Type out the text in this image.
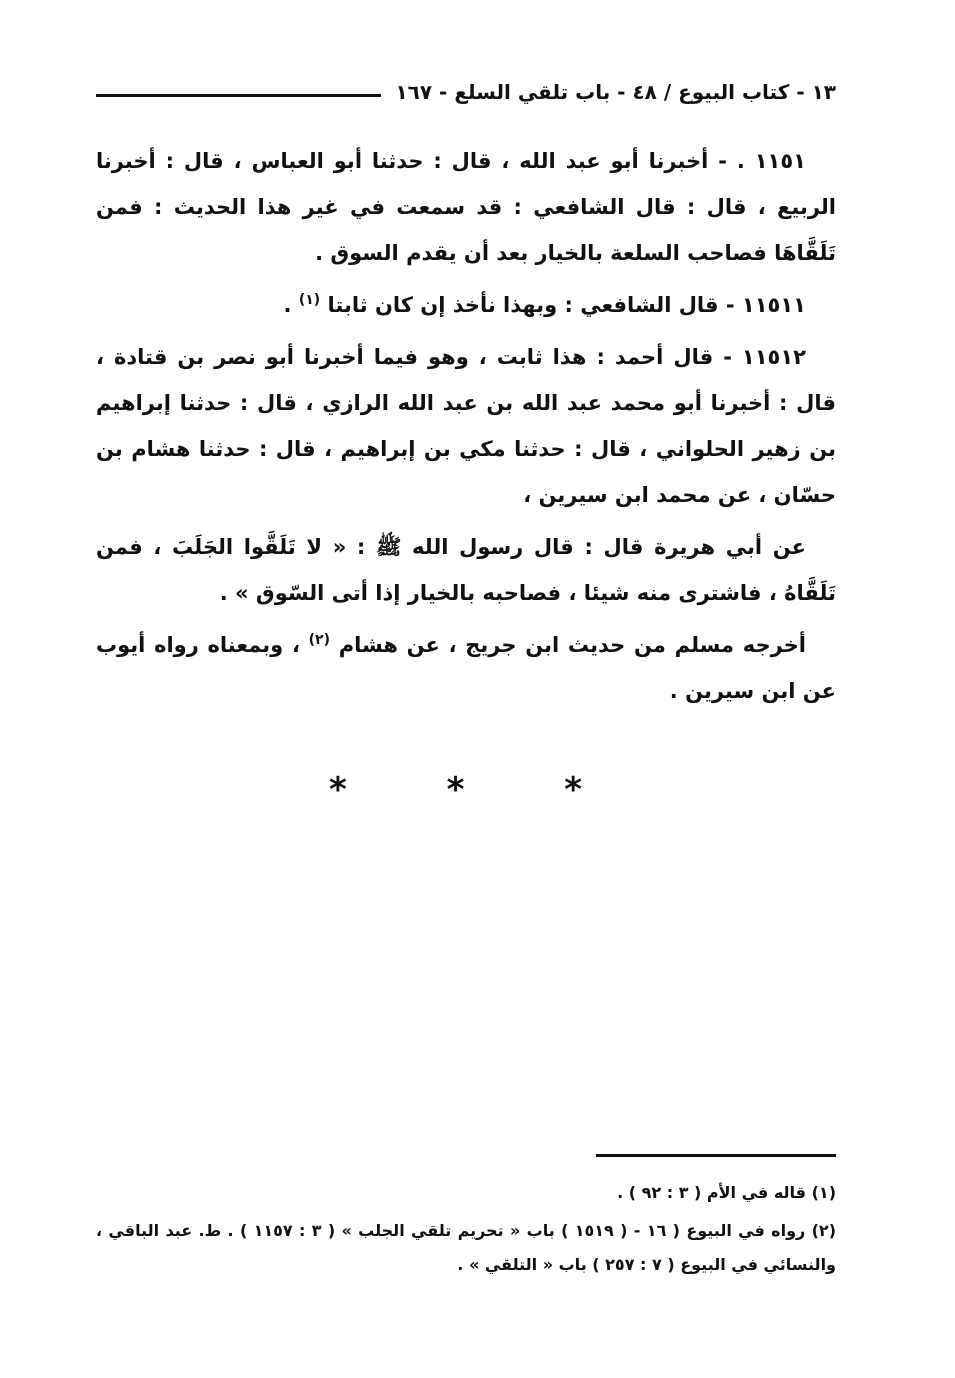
١٣ - كتاب البيوع / ٤٨ - باب تلقي السلع - ١٦٧

١١٥١ . - أخبرنا أبو عبد الله ، قال : حدثنا أبو العباس ، قال : أخبرنا الربيع ، قال : قال الشافعي : قد سمعت في غير هذا الحديث : فمن تَلَقَّاهَا فصاحب السلعة بالخيار بعد أن يقدم السوق .

١١٥١١ - قال الشافعي : وبهذا نأخذ إن كان ثابتا $^{(١)}$ .

١١٥١٢ - قال أحمد : هذا ثابت ، وهو فيما أخبرنا أبو نصر بن قتادة ، قال : أخبرنا أبو محمد عبد الله بن عبد الله الرازي ، قال : حدثنا إبراهيم بن زهير الحلواني ، قال : حدثنا مكي بن إبراهيم ، قال : حدثنا هشام بن حسّان ، عن محمد ابن سيرين ،

عن أبي هريرة قال : قال رسول الله ﷺ : « لا تَلَقَّوا الجَلَبَ ، فمن تَلَقَّاهُ ، فاشترى منه شيئا ، فصاحبه بالخيار إذا أتى السّوق » .

أخرجه مسلم من حديث ابن جريج ، عن هشام $^{(٢)}$ ، وبمعناه رواه أيوب عن ابن سيرين .

* * *

(١) قاله في الأم ( ٣ : ٩٢ ) .

(٢) رواه في البيوع ( ١٦ - ( ١٥١٩ ) باب « تحريم تلقي الجلب » ( ٣ : ١١٥٧ ) . ط. عبد الباقي ، والنسائي في البيوع ( ٧ : ٢٥٧ ) باب « التلقي » .
